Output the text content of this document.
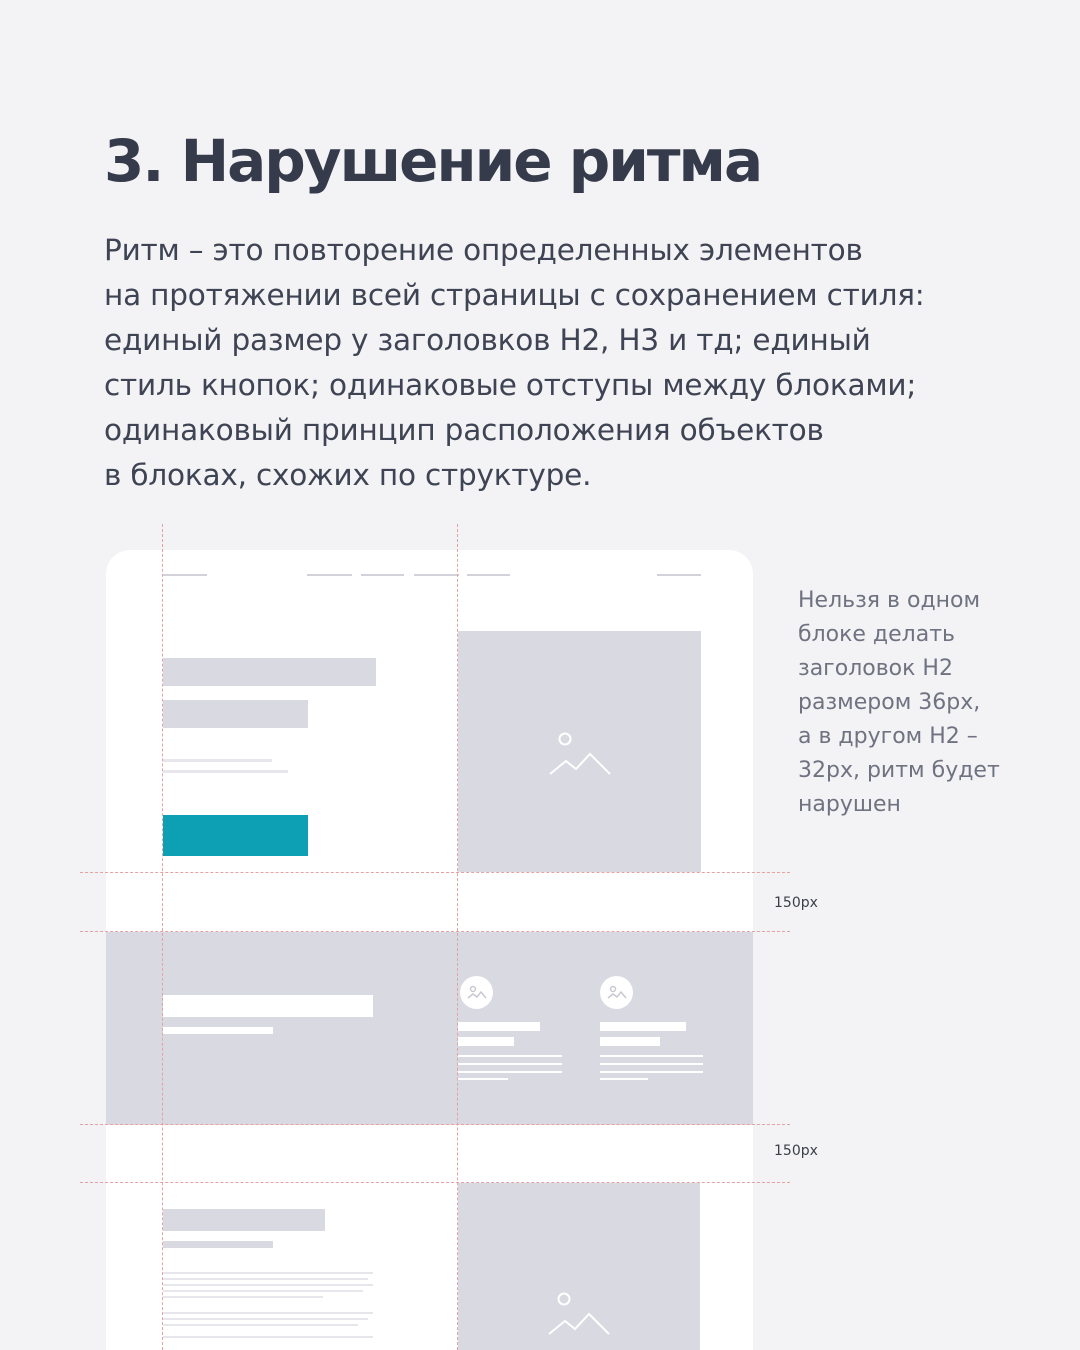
3. Нарушение ритма
Ритм – это повторение определенных элементов
на протяжении всей страницы с сохранением стиля:
единый размер у заголовков Н2, Н3 и тд; единый
стиль кнопок; одинаковые отступы между блоками;
одинаковый принцип расположения объектов
в блоках, схожих по структуре.
150px
150px
Нельзя в одном
блоке делать
заголовок H2
размером 36px,
а в другом Н2 –
32px, ритм будет
нарушен
